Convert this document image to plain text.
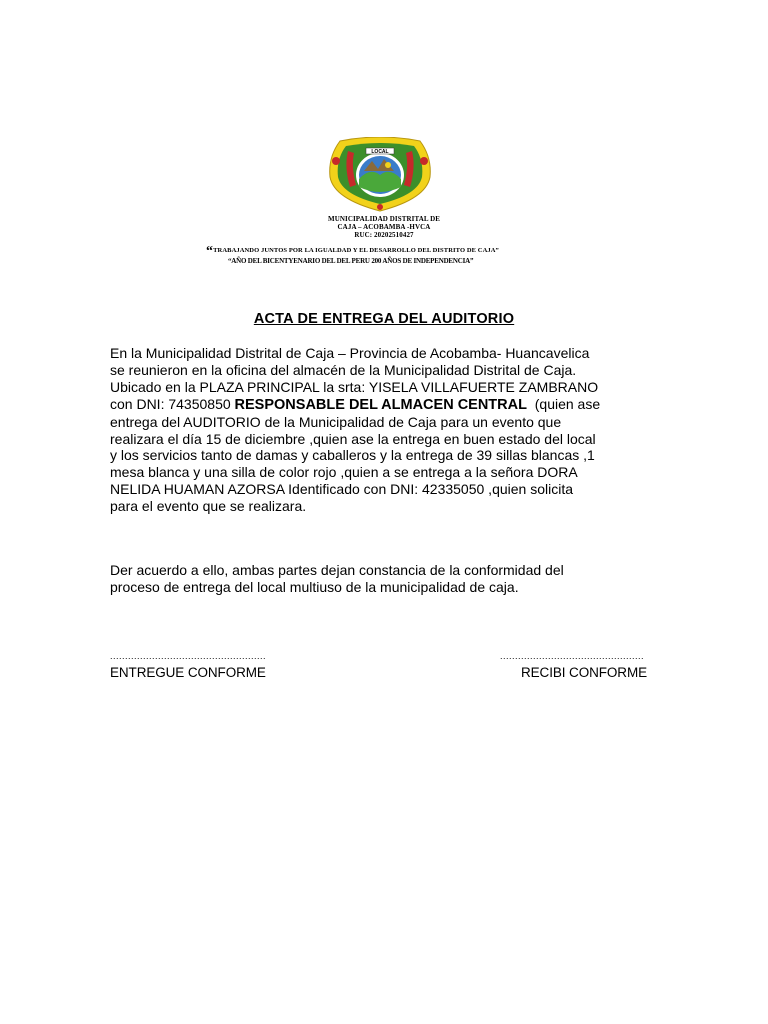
LOCAL
MUNICIPALIDAD DISTRITAL DE
CAJA – ACOBAMBA -HVCA
RUC: 20202510427
“TRABAJANDO JUNTOS POR LA IGUALDAD Y EL DESARROLLO DEL DISTRITO DE CAJA”
“AÑO DEL BICENTYENARIO DEL DEL PERU 200 AÑOS DE INDEPENDENCIA”
ACTA DE ENTREGA DEL AUDITORIO
En la Municipalidad Distrital de Caja – Provincia de Acobamba- Huancavelica
se reunieron en la oficina del almacén de la Municipalidad Distrital de Caja.
Ubicado en la PLAZA PRINCIPAL la srta: YISELA VILLAFUERTE ZAMBRANO
con DNI: 74350850 RESPONSABLE DEL ALMACEN CENTRAL  (quien ase
entrega del AUDITORIO de la Municipalidad de Caja para un evento que
realizara el día 15 de diciembre ,quien ase la entrega en buen estado del local
y los servicios tanto de damas y caballeros y la entrega de 39 sillas blancas ,1
mesa blanca y una silla de color rojo ,quien a se entrega a la señora DORA
NELIDA HUAMAN AZORSA Identificado con DNI: 42335050 ,quien solicita
para el evento que se realizara.
Der acuerdo a ello, ambas partes dejan constancia de la conformidad del
proceso de entrega del local multiuso de la municipalidad de caja.
....................................................
ENTREGUE CONFORME
................................................
RECIBI CONFORME
